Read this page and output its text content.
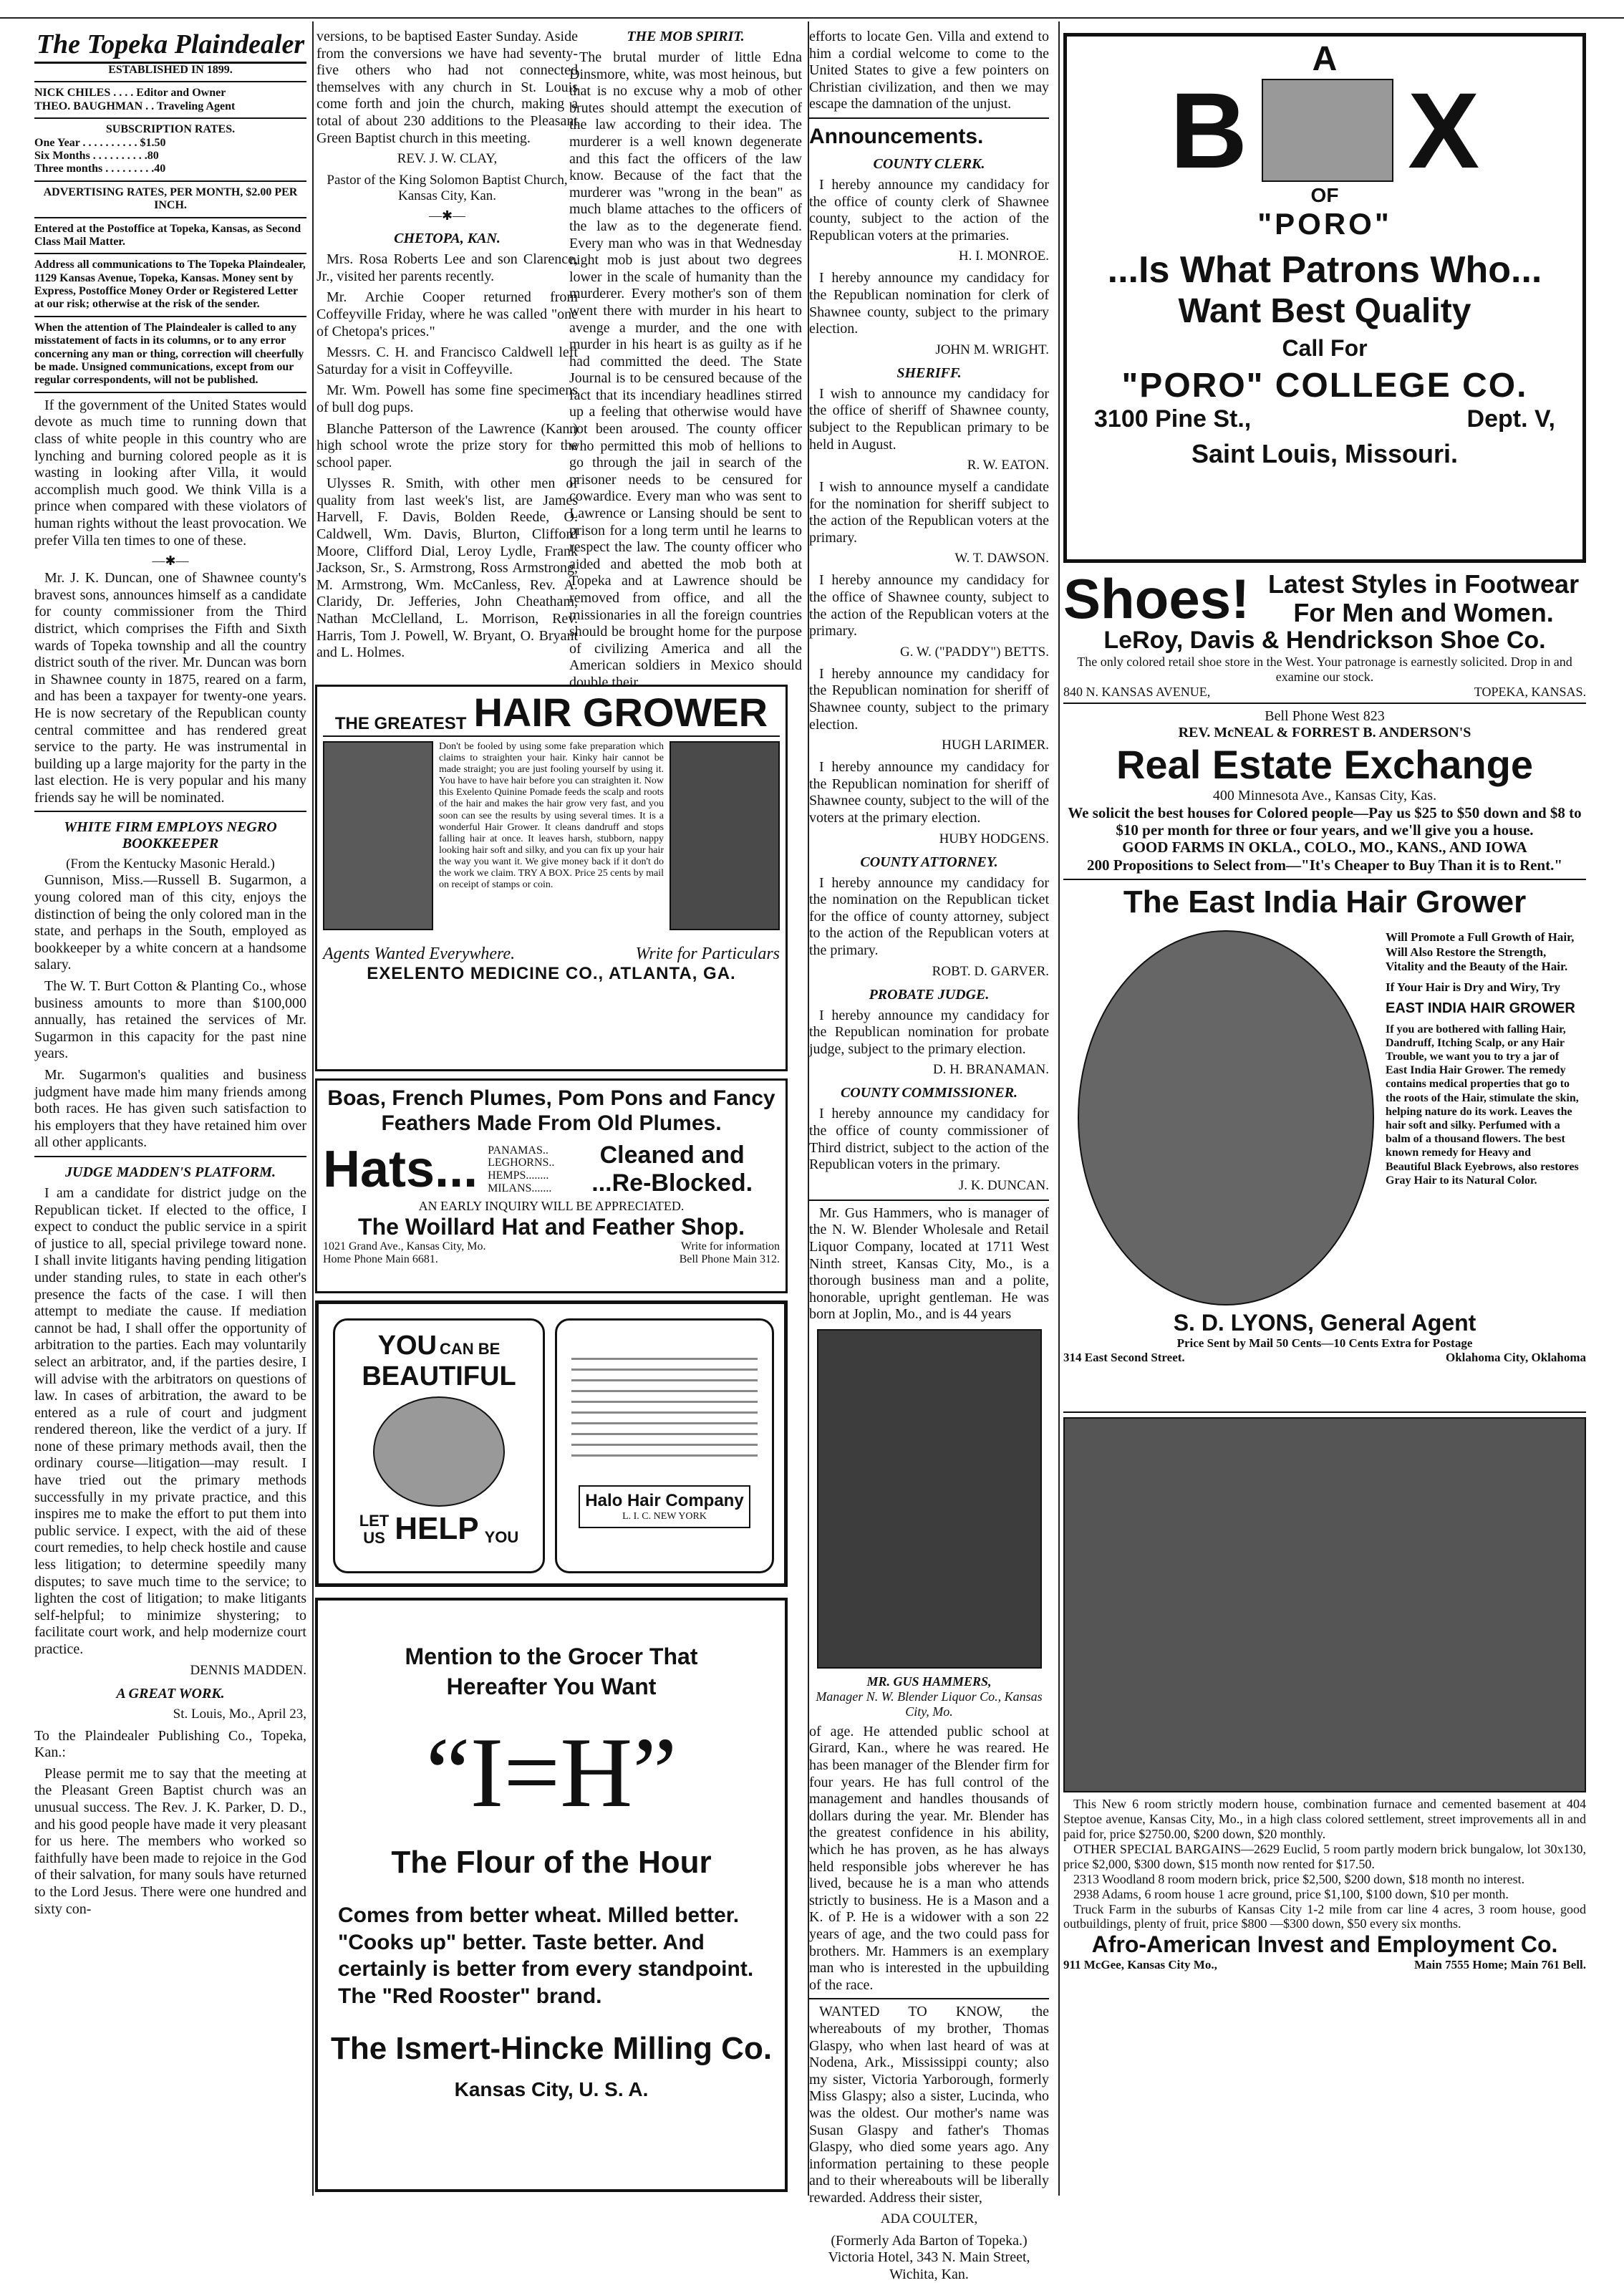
The Topeka Plaindealer
ESTABLISHED IN 1899.
NICK CHILES . . . . Editor and Owner
THEO. BAUGHMAN . . Traveling Agent
SUBSCRIPTION RATES.
One Year . . . . . . . . . . $1.50
Six Months . . . . . . . . . .80
Three months . . . . . . . . .40
ADVERTISING RATES, PER MONTH, $2.00 PER INCH.
Entered at the Postoffice at Topeka, Kansas, as Second Class Mail Matter.
Address all communications to The Topeka Plaindealer, 1129 Kansas Avenue, Topeka, Kansas. Money sent by Express, Postoffice Money Order or Registered Letter at our risk; otherwise at the risk of the sender.
When the attention of The Plaindealer is called to any misstatement of facts in its columns, or to any error concerning any man or thing, correction will cheerfully be made. Unsigned communications, except from our regular correspondents, will not be published.

If the government of the United States would devote as much time to running down that class of white people in this country who are lynching and burning colored people as it is wasting in looking after Villa, it would accomplish much good. We think Villa is a prince when compared with these violators of human rights without the least provocation. We prefer Villa ten times to one of these.

—✱—

Mr. J. K. Duncan, one of Shawnee county's bravest sons, announces himself as a candidate for county commissioner from the Third district, which comprises the Fifth and Sixth wards of Topeka township and all the country district south of the river. Mr. Duncan was born in Shawnee county in 1875, reared on a farm, and has been a taxpayer for twenty-one years. He is now secretary of the Republican county central committee and has rendered great service to the party. He was instrumental in building up a large majority for the party in the last election. He is very popular and his many friends say he will be nominated.

WHITE FIRM EMPLOYS NEGRO BOOKKEEPER
(From the Kentucky Masonic Herald.)

Gunnison, Miss.—Russell B. Sugarmon, a young colored man of this city, enjoys the distinction of being the only colored man in the state, and perhaps in the South, employed as bookkeeper by a white concern at a handsome salary.

The W. T. Burt Cotton & Planting Co., whose business amounts to more than $100,000 annually, has retained the services of Mr. Sugarmon in this capacity for the past nine years.

Mr. Sugarmon's qualities and business judgment have made him many friends among both races. He has given such satisfaction to his employers that they have retained him over all other applicants.

JUDGE MADDEN'S PLATFORM.

I am a candidate for district judge on the Republican ticket. If elected to the office, I expect to conduct the public service in a spirit of justice to all, special privilege toward none. I shall invite litigants having pending litigation under standing rules, to state in each other's presence the facts of the case. I will then attempt to mediate the cause. If mediation cannot be had, I shall offer the opportunity of arbitration to the parties. Each may voluntarily select an arbitrator, and, if the parties desire, I will advise with the arbitrators on questions of law. In cases of arbitration, the award to be entered as a rule of court and judgment rendered thereon, like the verdict of a jury. If none of these primary methods avail, then the ordinary course—litigation—may result. I have tried out the primary methods successfully in my private practice, and this inspires me to make the effort to put them into public service. I expect, with the aid of these court remedies, to help check hostile and cause less litigation; to determine speedily many disputes; to save much time to the service; to lighten the cost of litigation; to make litigants self-helpful; to minimize shystering; to facilitate court work, and help modernize court practice.

DENNIS MADDEN.
A GREAT WORK.
St. Louis, Mo., April 23,

To the Plaindealer Publishing Co., Topeka, Kan.:

Please permit me to say that the meeting at the Pleasant Green Baptist church was an unusual success. The Rev. J. K. Parker, D. D., and his good people have made it very pleasant for us here. The members who worked so faithfully have been made to rejoice in the God of their salvation, for many souls have returned to the Lord Jesus. There were one hundred and sixty con-

versions, to be baptised Easter Sunday. Aside from the conversions we have had seventy-five others who had not connected themselves with any church in St. Louis come forth and join the church, making a total of about 230 additions to the Pleasant Green Baptist church in this meeting.

REV. J. W. CLAY,
Pastor of the King Solomon Baptist Church, Kansas City, Kan.
—✱—
CHETOPA, KAN.

Mrs. Rosa Roberts Lee and son Clarence, Jr., visited her parents recently.

Mr. Archie Cooper returned from Coffeyville Friday, where he was called "one of Chetopa's prices."

Messrs. C. H. and Francisco Caldwell left Saturday for a visit in Coffeyville.

Mr. Wm. Powell has some fine specimens of bull dog pups.

Blanche Patterson of the Lawrence (Kan.) high school wrote the prize story for the school paper.

Ulysses R. Smith, with other men of quality from last week's list, are James Harvell, F. Davis, Bolden Reede, O. Caldwell, Wm. Davis, Blurton, Clifford Moore, Clifford Dial, Leroy Lydle, Frank Jackson, Sr., S. Armstrong, Ross Armstrong, M. Armstrong, Wm. McCanless, Rev. A. Claridy, Dr. Jefferies, John Cheatham, Nathan McClelland, L. Morrison, Rev. Harris, Tom J. Powell, W. Bryant, O. Bryant and L. Holmes.

THE MOB SPIRIT.

The brutal murder of little Edna Dinsmore, white, was most heinous, but that is no excuse why a mob of other brutes should attempt the execution of the law according to their idea. The murderer is a well known degenerate and this fact the officers of the law know. Because of the fact that the murderer was "wrong in the bean" as much blame attaches to the officers of the law as to the degenerate fiend. Every man who was in that Wednesday night mob is just about two degrees lower in the scale of humanity than the murderer. Every mother's son of them went there with murder in his heart to avenge a murder, and the one with murder in his heart is as guilty as if he had committed the deed. The State Journal is to be censured because of the fact that its incendiary headlines stirred up a feeling that otherwise would have not been aroused. The county officer who permitted this mob of hellions to go through the jail in search of the prisoner needs to be censured for cowardice. Every man who was sent to Lawrence or Lansing should be sent to prison for a long term until he learns to respect the law. The county officer who aided and abetted the mob both at Topeka and at Lawrence should be removed from office, and all the missionaries in all the foreign countries should be brought home for the purpose of civilizing America and all the American soldiers in Mexico should double their

THE GREATEST HAIR GROWER
Don't be fooled by using some fake preparation which claims to straighten your hair. Kinky hair cannot be made straight; you are just fooling yourself by using it. You have to have hair before you can straighten it. Now this Exelento Quinine Pomade feeds the scalp and roots of the hair and makes the hair grow very fast, and you soon can see the results by using several times. It is a wonderful Hair Grower. It cleans dandruff and stops falling hair at once. It leaves harsh, stubborn, nappy looking hair soft and silky, and you can fix up your hair the way you want it. We give money back if it don't do the work we claim. TRY A BOX. Price 25 cents by mail on receipt of stamps or coin.
Agents Wanted Everywhere.	Write for Particulars
EXELENTO MEDICINE CO., ATLANTA, GA.
Boas, French Plumes, Pom Pons and Fancy Feathers Made From Old Plumes.
Hats... PANAMAS..
LEGHORNS..
HEMPS........
MILANS.......
Cleaned and
...Re-Blocked.
AN EARLY INQUIRY WILL BE APPRECIATED.
The Woillard Hat and Feather Shop.
1021 Grand Ave., Kansas City, Mo.	Write for information
Home Phone Main 6681.	Bell Phone Main 312.
YOU CAN BE
BEAUTIFUL
LET
US HELP YOU
Halo Hair Company
L. I. C. NEW YORK
Mention to the Grocer That Hereafter You Want
“I=H”
The Flour of the Hour
Comes from better wheat. Milled better. "Cooks up" better. Taste better. And certainly is better from every standpoint. The "Red Rooster" brand.
The Ismert-Hincke Milling Co.
Kansas City, U. S. A.

efforts to locate Gen. Villa and extend to him a cordial welcome to come to the United States to give a few pointers on Christian civilization, and then we may escape the damnation of the unjust.

Announcements.
COUNTY CLERK.

I hereby announce my candidacy for the office of county clerk of Shawnee county, subject to the action of the Republican voters at the primaries.

H. I. MONROE.

I hereby announce my candidacy for the Republican nomination for clerk of Shawnee county, subject to the primary election.

JOHN M. WRIGHT.
SHERIFF.

I wish to announce my candidacy for the office of sheriff of Shawnee county, subject to the Republican primary to be held in August.

R. W. EATON.

I wish to announce myself a candidate for the nomination for sheriff subject to the action of the Republican voters at the primary.

W. T. DAWSON.

I hereby announce my candidacy for the office of Shawnee county, subject to the action of the Republican voters at the primary.

G. W. ("PADDY") BETTS.

I hereby announce my candidacy for the Republican nomination for sheriff of Shawnee county, subject to the primary election.

HUGH LARIMER.

I hereby announce my candidacy for the Republican nomination for sheriff of Shawnee county, subject to the will of the voters at the primary election.

HUBY HODGENS.
COUNTY ATTORNEY.

I hereby announce my candidacy for the nomination on the Republican ticket for the office of county attorney, subject to the action of the Republican voters at the primary.

ROBT. D. GARVER.
PROBATE JUDGE.

I hereby announce my candidacy for the Republican nomination for probate judge, subject to the primary election.

D. H. BRANAMAN.
COUNTY COMMISSIONER.

I hereby announce my candidacy for the office of county commissioner of Third district, subject to the action of the Republican voters in the primary.

J. K. DUNCAN.

Mr. Gus Hammers, who is manager of the N. W. Blender Wholesale and Retail Liquor Company, located at 1711 West Ninth street, Kansas City, Mo., is a thorough business man and a polite, honorable, upright gentleman. He was born at Joplin, Mo., and is 44 years

MR. GUS HAMMERS,
Manager N. W. Blender Liquor Co., Kansas City, Mo.

of age. He attended public school at Girard, Kan., where he was reared. He has been manager of the Blender firm for four years. He has full control of the management and handles thousands of dollars during the year. Mr. Blender has the greatest confidence in his ability, which he has proven, as he has always held responsible jobs wherever he has lived, because he is a man who attends strictly to business. He is a Mason and a K. of P. He is a widower with a son 22 years of age, and the two could pass for brothers. Mr. Hammers is an exemplary man who is interested in the upbuilding of the race.

WANTED TO KNOW, the whereabouts of my brother, Thomas Glaspy, who when last heard of was at Nodena, Ark., Mississippi county; also my sister, Victoria Yarborough, formerly Miss Glaspy; also a sister, Lucinda, who was the oldest. Our mother's name was Susan Glaspy and father's Thomas Glaspy, who died some years ago. Any information pertaining to these people and to their whereabouts will be liberally rewarded. Address their sister,

ADA COULTER,

(Formerly Ada Barton of Topeka.) Victoria Hotel, 343 N. Main Street, Wichita, Kan.

A
B X
OF
"PORO"
...Is What Patrons Who...
Want Best Quality
Call For
"PORO" COLLEGE CO.
3100 Pine St.,	Dept. V,
Saint Louis, Missouri.
Shoes! Latest Styles in Footwear For Men and Women.
LeRoy, Davis & Hendrickson Shoe Co.
The only colored retail shoe store in the West. Your patronage is earnestly solicited. Drop in and examine our stock.
840 N. KANSAS AVENUE,	TOPEKA, KANSAS.
Bell Phone West 823
REV. McNEAL & FORREST B. ANDERSON'S
Real Estate Exchange
400 Minnesota Ave., Kansas City, Kas.
We solicit the best houses for Colored people—Pay us $25 to $50 down and $8 to $10 per month for three or four years, and we'll give you a house.
GOOD FARMS IN OKLA., COLO., MO., KANS., AND IOWA
200 Propositions to Select from—"It's Cheaper to Buy Than it is to Rent."
The East India Hair Grower
Will Promote a Full Growth of Hair, Will Also Restore the Strength, Vitality and the Beauty of the Hair.
If Your Hair is Dry and Wiry, Try
EAST INDIA HAIR GROWER
If you are bothered with falling Hair, Dandruff, Itching Scalp, or any Hair Trouble, we want you to try a jar of East India Hair Grower. The remedy contains medical properties that go to the roots of the Hair, stimulate the skin, helping nature do its work. Leaves the hair soft and silky. Perfumed with a balm of a thousand flowers. The best known remedy for Heavy and Beautiful Black Eyebrows, also restores Gray Hair to its Natural Color.
S. D. LYONS, General Agent
Price Sent by Mail 50 Cents—10 Cents Extra for Postage
314 East Second Street.	Oklahoma City, Oklahoma

This New 6 room strictly modern house, combination furnace and cemented basement at 404 Steptoe avenue, Kansas City, Mo., in a high class colored settlement, street improvements all in and paid for, price $2750.00, $200 down, $20 monthly.

OTHER SPECIAL BARGAINS—2629 Euclid, 5 room partly modern brick bungalow, lot 30x130, price $2,000, $300 down, $15 month now rented for $17.50.

2313 Woodland 8 room modern brick, price $2,500, $200 down, $18 month no interest.

2938 Adams, 6 room house 1 acre ground, price $1,100, $100 down, $10 per month.

Truck Farm in the suburbs of Kansas City 1-2 mile from car line 4 acres, 3 room house, good outbuildings, plenty of fruit, price $800 —$300 down, $50 every six months.

Afro-American Invest and Employment Co.
911 McGee, Kansas City Mo.,	Main 7555 Home; Main 761 Bell.
